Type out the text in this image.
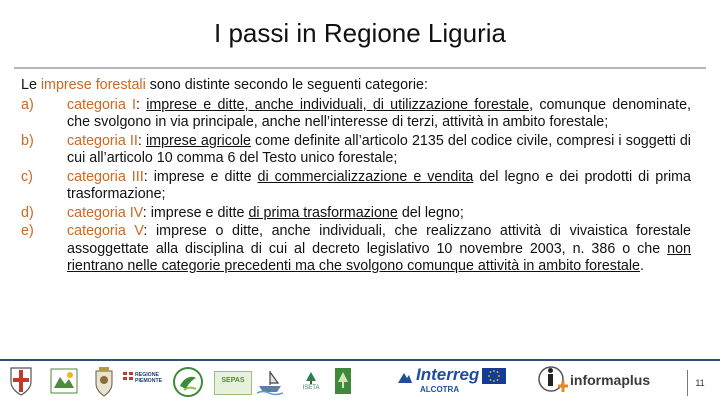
I passi in Regione Liguria

Le imprese forestali sono distinte secondo le seguenti categorie:

a)	categoria I: imprese e ditte, anche individuali, di utilizzazione forestale, comunque denominate, che svolgono in via principale, anche nell’interesse di terzi, attività in ambito forestale;
b)	categoria II: imprese agricole come definite all’articolo 2135 del codice civile, compresi i soggetti di cui all’articolo 10 comma 6 del Testo unico forestale;
c)	categoria III: imprese e ditte di commercializzazione e vendita del legno e dei prodotti di prima trasformazione;
d)	categoria IV: imprese e ditte di prima trasformazione del legno;
e)	categoria V: imprese o ditte, anche individuali, che realizzano attività di vivaistica forestale assoggettate alla disciplina di cui al decreto legislativo 10 novembre 2003, n. 386 o che non rientrano nelle categorie precedenti ma che svolgono comunque attività in ambito forestale.
REGIONE PIEMONTE	SEPAS
ISETA
Interreg
ALCOTRA
informaplus	11
